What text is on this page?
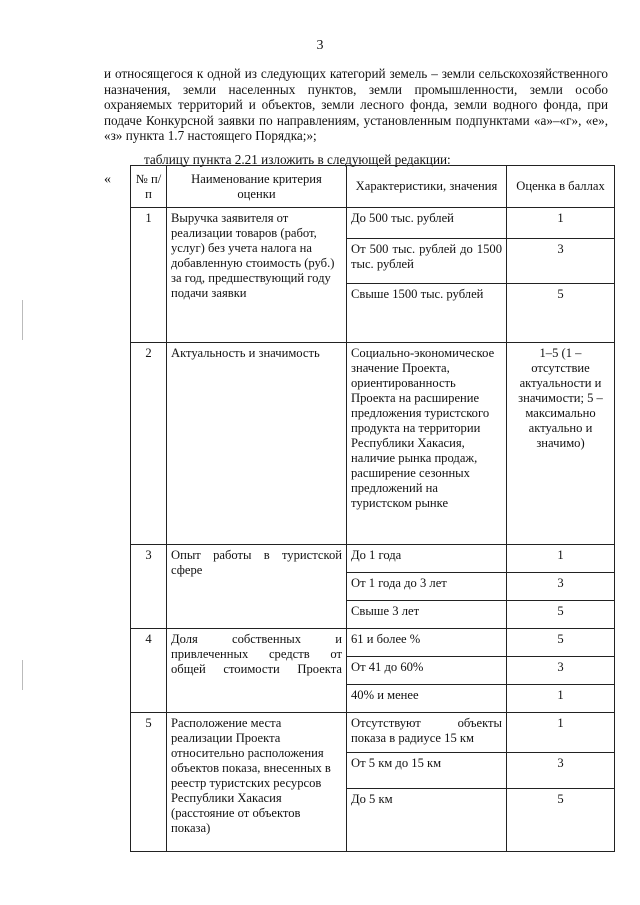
3
и относящегося к одной из следующих категорий земель – земли сельскохозяйственного назначения, земли населенных пунктов, земли промышленности, земли особо охраняемых территорий и объектов, земли лесного фонда, земли водного фонда, при подаче Конкурсной заявки по направлениям, установленным подпунктами «а»–«г», «е», «з» пункта 1.7 настоящего Порядка;»;
таблицу пункта 2.21 изложить в следующей редакции:
« № п/п	Наименование критерия оценки	Характеристики, значения	Оценка в баллах
1	Выручка заявителя от реализации товаров (работ, услуг) без учета налога на добавленную стоимость (руб.) за год, предшествующий году подачи заявки	До 500 тыс. рублей	1
		От 500 тыс. рублей до 1500 тыс. рублей	3
		Свыше 1500 тыс. рублей	5
2	Актуальность и значимость	Социально-экономическое значение Проекта, ориентированность Проекта на расширение предложения туристского продукта на территории Республики Хакасия, наличие рынка продаж, расширение сезонных предложений на туристском рынке	1–5 (1 – отсутствие актуальности и значимости; 5 – максимально актуально и значимо)
3	Опыт работы в туристской сфере	До 1 года	1
		От 1 года до 3 лет	3
		Свыше 3 лет	5
4	Доля собственных и привлеченных средств от общей стоимости Проекта	61 и более %	5
		От 41 до 60%	3
		40% и менее	1
5	Расположение места реализации Проекта относительно расположения объектов показа, внесенных в реестр туристских ресурсов Республики Хакасия (расстояние от объектов показа)	Отсутствуют объекты показа в радиусе 15 км	1
		От 5 км до 15 км	3
		До 5 км	5
